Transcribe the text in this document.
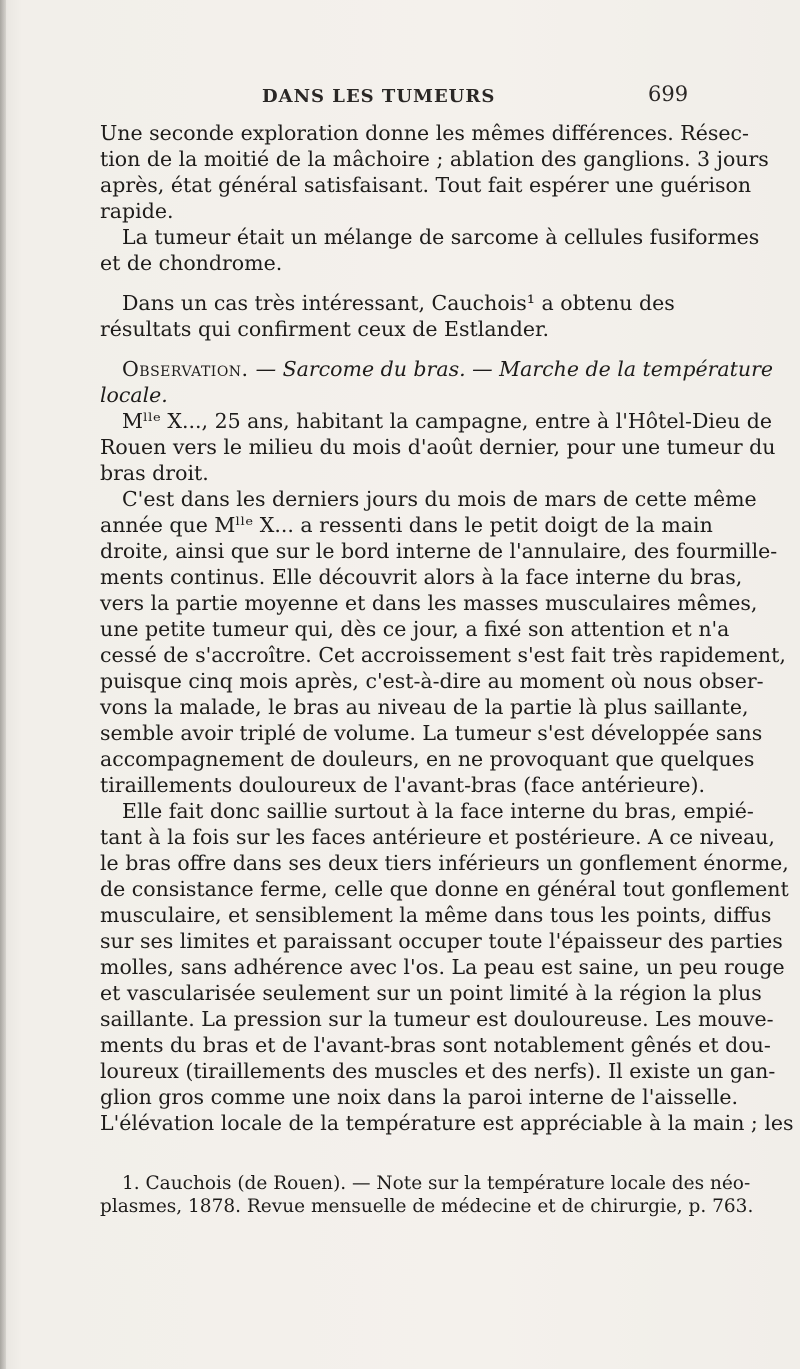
DANS LES TUMEURS	699
Une seconde exploration donne les mêmes différences. Résec-
tion de la moitié de la mâchoire ; ablation des ganglions. 3 jours
après, état général satisfaisant. Tout fait espérer une guérison
rapide.
La tumeur était un mélange de sarcome à cellules fusiformes
et de chondrome.
Dans un cas très intéressant, Cauchois¹ a obtenu des
résultats qui confirment ceux de Estlander.
Observation. — Sarcome du bras. — Marche de la température
locale.
Mˡˡᵉ X..., 25 ans, habitant la campagne, entre à l'Hôtel-Dieu de
Rouen vers le milieu du mois d'août dernier, pour une tumeur du
bras droit.
C'est dans les derniers jours du mois de mars de cette même
année que Mˡˡᵉ X... a ressenti dans le petit doigt de la main
droite, ainsi que sur le bord interne de l'annulaire, des fourmille-
ments continus. Elle découvrit alors à la face interne du bras,
vers la partie moyenne et dans les masses musculaires mêmes,
une petite tumeur qui, dès ce jour, a fixé son attention et n'a
cessé de s'accroître. Cet accroissement s'est fait très rapidement,
puisque cinq mois après, c'est-à-dire au moment où nous obser-
vons la malade, le bras au niveau de la partie là plus saillante,
semble avoir triplé de volume. La tumeur s'est développée sans
accompagnement de douleurs, en ne provoquant que quelques
tiraillements douloureux de l'avant-bras (face antérieure).
Elle fait donc saillie surtout à la face interne du bras, empié-
tant à la fois sur les faces antérieure et postérieure. A ce niveau,
le bras offre dans ses deux tiers inférieurs un gonflement énorme,
de consistance ferme, celle que donne en général tout gonflement
musculaire, et sensiblement la même dans tous les points, diffus
sur ses limites et paraissant occuper toute l'épaisseur des parties
molles, sans adhérence avec l'os. La peau est saine, un peu rouge
et vascularisée seulement sur un point limité à la région la plus
saillante. La pression sur la tumeur est douloureuse. Les mouve-
ments du bras et de l'avant-bras sont notablement gênés et dou-
loureux (tiraillements des muscles et des nerfs). Il existe un gan-
glion gros comme une noix dans la paroi interne de l'aisselle.
L'élévation locale de la température est appréciable à la main ; les
1. Cauchois (de Rouen). — Note sur la température locale des néo-
plasmes, 1878. Revue mensuelle de médecine et de chirurgie, p. 763.
